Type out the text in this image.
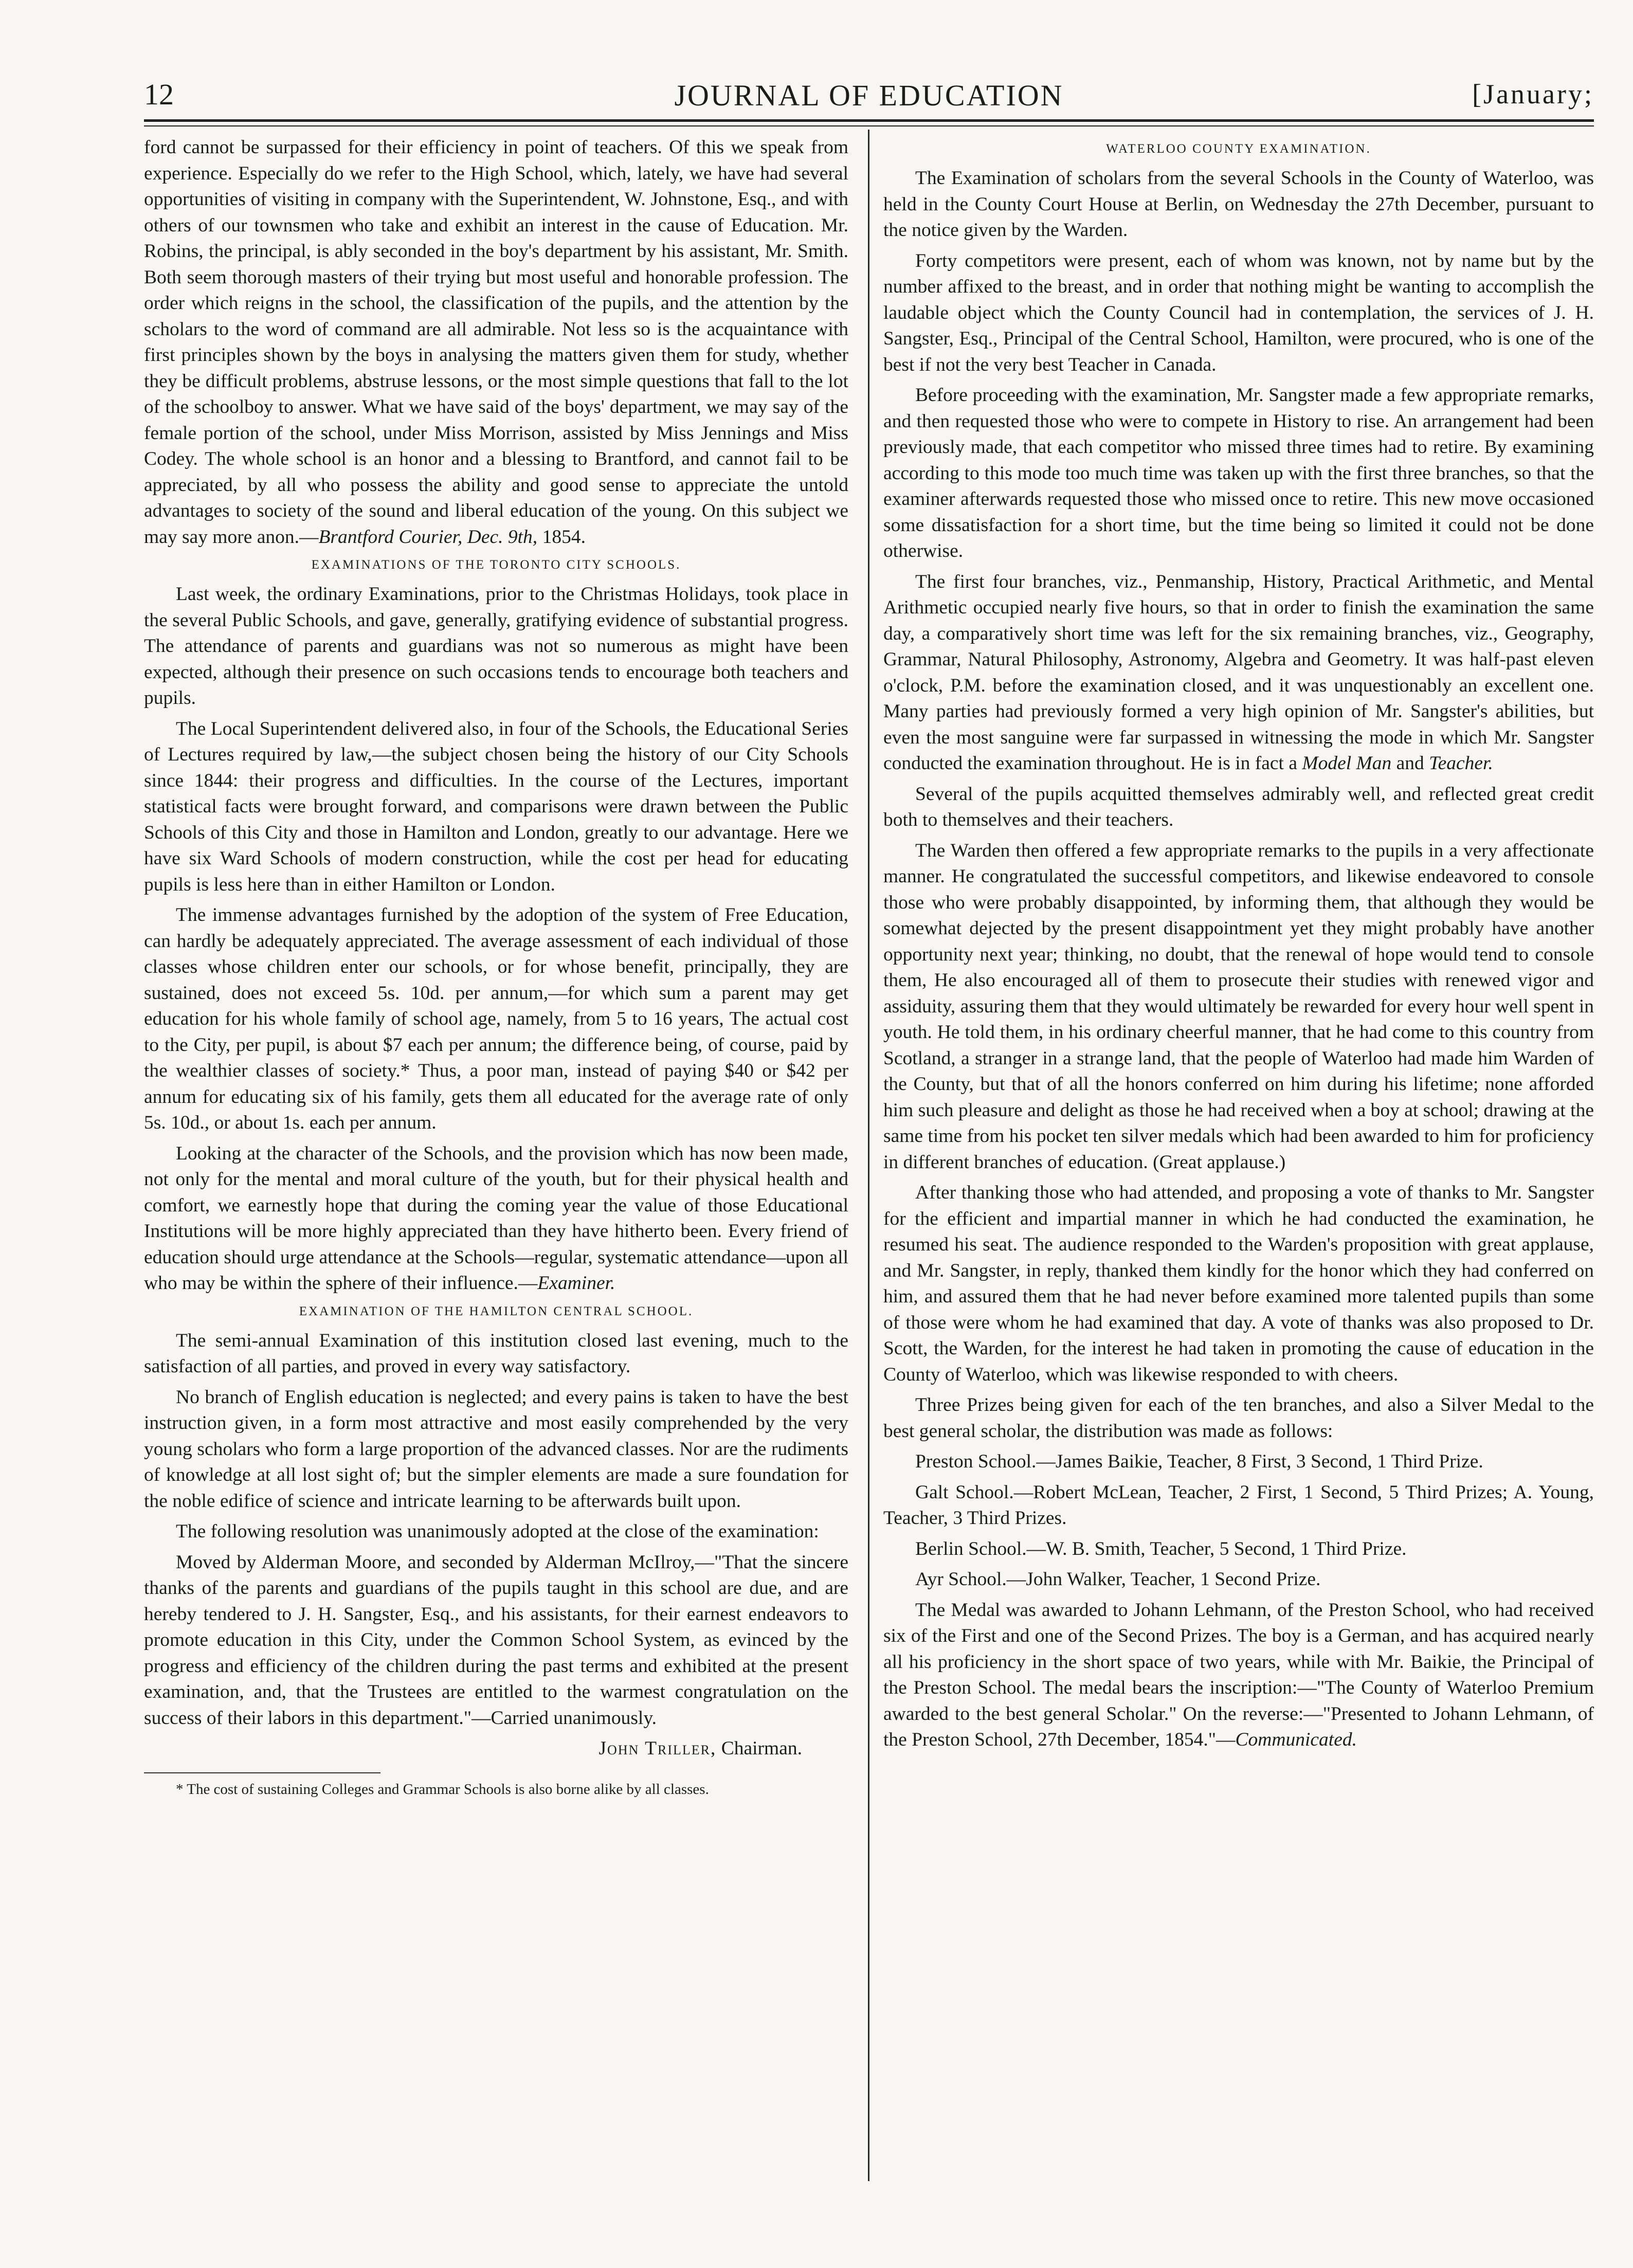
12	JOURNAL OF EDUCATION	[January;

ford cannot be surpassed for their efficiency in point of teachers. Of this we speak from experience. Especially do we refer to the High School, which, lately, we have had several opportunities of visiting in company with the Superintendent, W. Johnstone, Esq., and with others of our townsmen who take and exhibit an interest in the cause of Education. Mr. Robins, the principal, is ably seconded in the boy's department by his assistant, Mr. Smith. Both seem thorough masters of their trying but most useful and honorable profession. The order which reigns in the school, the classification of the pupils, and the attention by the scholars to the word of command are all admirable. Not less so is the acquaintance with first principles shown by the boys in analysing the matters given them for study, whether they be difficult problems, abstruse lessons, or the most simple questions that fall to the lot of the schoolboy to answer. What we have said of the boys' department, we may say of the female portion of the school, under Miss Morrison, assisted by Miss Jennings and Miss Codey. The whole school is an honor and a blessing to Brantford, and cannot fail to be appreciated, by all who possess the ability and good sense to appreciate the untold advantages to society of the sound and liberal education of the young. On this subject we may say more anon.—Brantford Courier, Dec. 9th, 1854.

EXAMINATIONS OF THE TORONTO CITY SCHOOLS.

Last week, the ordinary Examinations, prior to the Christmas Holidays, took place in the several Public Schools, and gave, generally, gratifying evidence of substantial progress. The attendance of parents and guardians was not so numerous as might have been expected, although their presence on such occasions tends to encourage both teachers and pupils.

The Local Superintendent delivered also, in four of the Schools, the Educational Series of Lectures required by law,—the subject chosen being the history of our City Schools since 1844: their progress and difficulties. In the course of the Lectures, important statistical facts were brought forward, and comparisons were drawn between the Public Schools of this City and those in Hamilton and London, greatly to our advantage. Here we have six Ward Schools of modern construction, while the cost per head for educating pupils is less here than in either Hamilton or London.

The immense advantages furnished by the adoption of the system of Free Education, can hardly be adequately appreciated. The average assessment of each individual of those classes whose children enter our schools, or for whose benefit, principally, they are sustained, does not exceed 5s. 10d. per annum,—for which sum a parent may get education for his whole family of school age, namely, from 5 to 16 years, The actual cost to the City, per pupil, is about $7 each per annum; the difference being, of course, paid by the wealthier classes of society.* Thus, a poor man, instead of paying $40 or $42 per annum for educating six of his family, gets them all educated for the average rate of only 5s. 10d., or about 1s. each per annum.

Looking at the character of the Schools, and the provision which has now been made, not only for the mental and moral culture of the youth, but for their physical health and comfort, we earnestly hope that during the coming year the value of those Educational Institutions will be more highly appreciated than they have hitherto been. Every friend of education should urge attendance at the Schools—regular, systematic attendance—upon all who may be within the sphere of their influence.—Examiner.

EXAMINATION OF THE HAMILTON CENTRAL SCHOOL.

The semi-annual Examination of this institution closed last evening, much to the satisfaction of all parties, and proved in every way satisfactory.

No branch of English education is neglected; and every pains is taken to have the best instruction given, in a form most attractive and most easily comprehended by the very young scholars who form a large proportion of the advanced classes. Nor are the rudiments of knowledge at all lost sight of; but the simpler elements are made a sure foundation for the noble edifice of science and intricate learning to be afterwards built upon.

The following resolution was unanimously adopted at the close of the examination:

Moved by Alderman Moore, and seconded by Alderman McIlroy,—"That the sincere thanks of the parents and guardians of the pupils taught in this school are due, and are hereby tendered to J. H. Sangster, Esq., and his assistants, for their earnest endeavors to promote education in this City, under the Common School System, as evinced by the progress and efficiency of the children during the past terms and exhibited at the present examination, and, that the Trustees are entitled to the warmest congratulation on the success of their labors in this department."—Carried unanimously.

John Triller, Chairman.

* The cost of sustaining Colleges and Grammar Schools is also borne alike by all classes.

WATERLOO COUNTY EXAMINATION.

The Examination of scholars from the several Schools in the County of Waterloo, was held in the County Court House at Berlin, on Wednesday the 27th December, pursuant to the notice given by the Warden.

Forty competitors were present, each of whom was known, not by name but by the number affixed to the breast, and in order that nothing might be wanting to accomplish the laudable object which the County Council had in contemplation, the services of J. H. Sangster, Esq., Principal of the Central School, Hamilton, were procured, who is one of the best if not the very best Teacher in Canada.

Before proceeding with the examination, Mr. Sangster made a few appropriate remarks, and then requested those who were to compete in History to rise. An arrangement had been previously made, that each competitor who missed three times had to retire. By examining according to this mode too much time was taken up with the first three branches, so that the examiner afterwards requested those who missed once to retire. This new move occasioned some dissatisfaction for a short time, but the time being so limited it could not be done otherwise.

The first four branches, viz., Penmanship, History, Practical Arithmetic, and Mental Arithmetic occupied nearly five hours, so that in order to finish the examination the same day, a comparatively short time was left for the six remaining branches, viz., Geography, Grammar, Natural Philosophy, Astronomy, Algebra and Geometry. It was half-past eleven o'clock, P.M. before the examination closed, and it was unquestionably an excellent one. Many parties had previously formed a very high opinion of Mr. Sangster's abilities, but even the most sanguine were far surpassed in witnessing the mode in which Mr. Sangster conducted the examination throughout. He is in fact a Model Man and Teacher.

Several of the pupils acquitted themselves admirably well, and reflected great credit both to themselves and their teachers.

The Warden then offered a few appropriate remarks to the pupils in a very affectionate manner. He congratulated the successful competitors, and likewise endeavored to console those who were probably disappointed, by informing them, that although they would be somewhat dejected by the present disappointment yet they might probably have another opportunity next year; thinking, no doubt, that the renewal of hope would tend to console them, He also encouraged all of them to prosecute their studies with renewed vigor and assiduity, assuring them that they would ultimately be rewarded for every hour well spent in youth. He told them, in his ordinary cheerful manner, that he had come to this country from Scotland, a stranger in a strange land, that the people of Waterloo had made him Warden of the County, but that of all the honors conferred on him during his lifetime; none afforded him such pleasure and delight as those he had received when a boy at school; drawing at the same time from his pocket ten silver medals which had been awarded to him for proficiency in different branches of education. (Great applause.)

After thanking those who had attended, and proposing a vote of thanks to Mr. Sangster for the efficient and impartial manner in which he had conducted the examination, he resumed his seat. The audience responded to the Warden's proposition with great applause, and Mr. Sangster, in reply, thanked them kindly for the honor which they had conferred on him, and assured them that he had never before examined more talented pupils than some of those were whom he had examined that day. A vote of thanks was also proposed to Dr. Scott, the Warden, for the interest he had taken in promoting the cause of education in the County of Waterloo, which was likewise responded to with cheers.

Three Prizes being given for each of the ten branches, and also a Silver Medal to the best general scholar, the distribution was made as follows:

Preston School.—James Baikie, Teacher, 8 First, 3 Second, 1 Third Prize.

Galt School.—Robert McLean, Teacher, 2 First, 1 Second, 5 Third Prizes; A. Young, Teacher, 3 Third Prizes.

Berlin School.—W. B. Smith, Teacher, 5 Second, 1 Third Prize.

Ayr School.—John Walker, Teacher, 1 Second Prize.

The Medal was awarded to Johann Lehmann, of the Preston School, who had received six of the First and one of the Second Prizes. The boy is a German, and has acquired nearly all his proficiency in the short space of two years, while with Mr. Baikie, the Principal of the Preston School. The medal bears the inscription:—"The County of Waterloo Premium awarded to the best general Scholar." On the reverse:—"Presented to Johann Lehmann, of the Preston School, 27th December, 1854."—Communicated.
